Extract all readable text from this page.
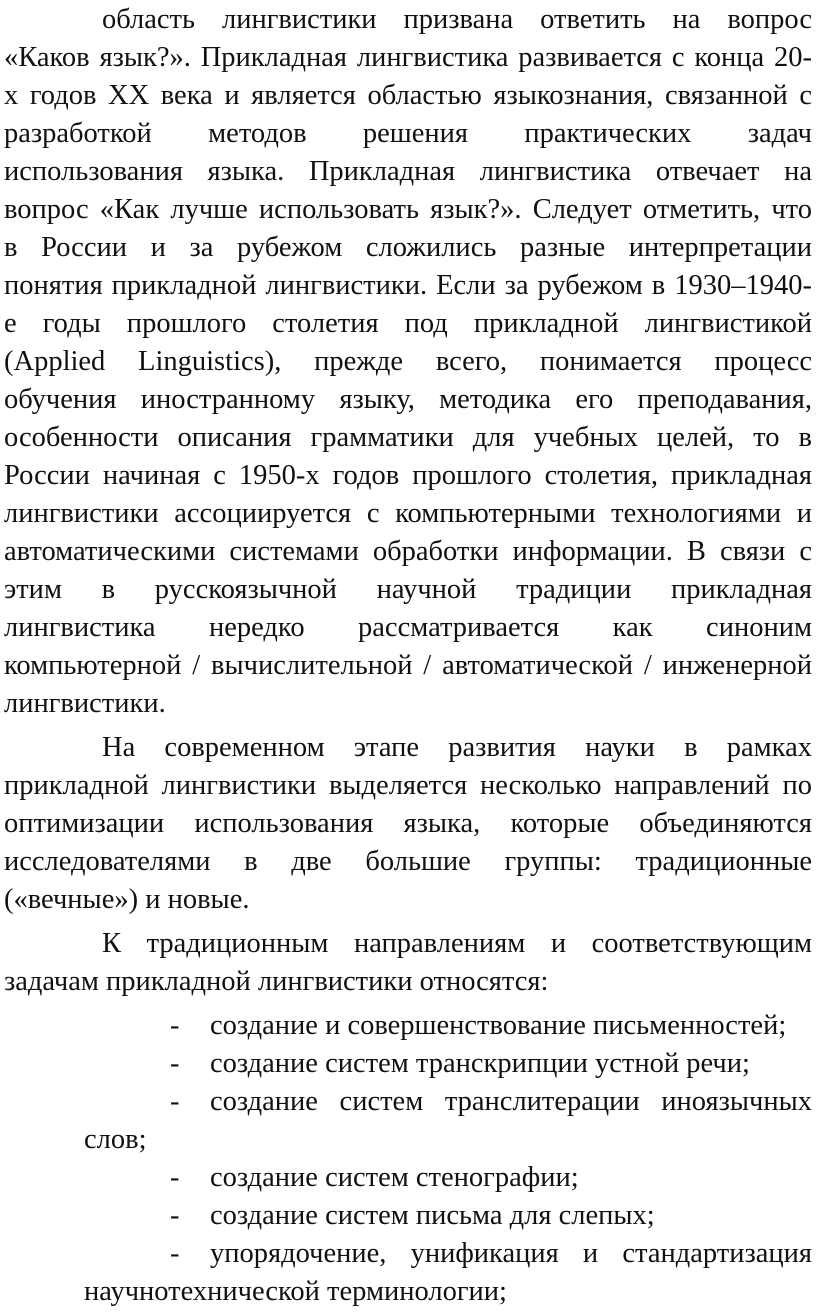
область лингвистики призвана ответить на вопрос
«Каков язык?». Прикладная лингвистика развивается с конца 20-
х годов XX века и является областью языкознания, связанной с
разработкой методов решения практических задач
использования языка. Прикладная лингвистика отвечает на
вопрос «Как лучше использовать язык?». Следует отметить, что
в России и за рубежом сложились разные интерпретации
понятия прикладной лингвистики. Если за рубежом в 1930–1940-
е годы прошлого столетия под прикладной лингвистикой
(Applied Linguistics), прежде всего, понимается процесс
обучения иностранному языку, методика его преподавания,
особенности описания грамматики для учебных целей, то в
России начиная с 1950-х годов прошлого столетия, прикладная
лингвистики ассоциируется с компьютерными технологиями и
автоматическими системами обработки информации. В связи с
этим в русскоязычной научной традиции прикладная
лингвистика нередко рассматривается как синоним
компьютерной / вычислительной / автоматической / инженерной
лингвистики.
На современном этапе развития науки в рамках
прикладной лингвистики выделяется несколько направлений по
оптимизации использования языка, которые объединяются
исследователями в две большие группы: традиционные
(«вечные») и новые.
К традиционным направлениям и соответствующим
задачам прикладной лингвистики относятся:
- создание и совершенствование письменностей;
- создание систем транскрипции устной речи;
- создание систем транслитерации иноязычных
слов;
- создание систем стенографии;
- создание систем письма для слепых;
- упорядочение, унификация и стандартизация
научнотехнической терминологии;
